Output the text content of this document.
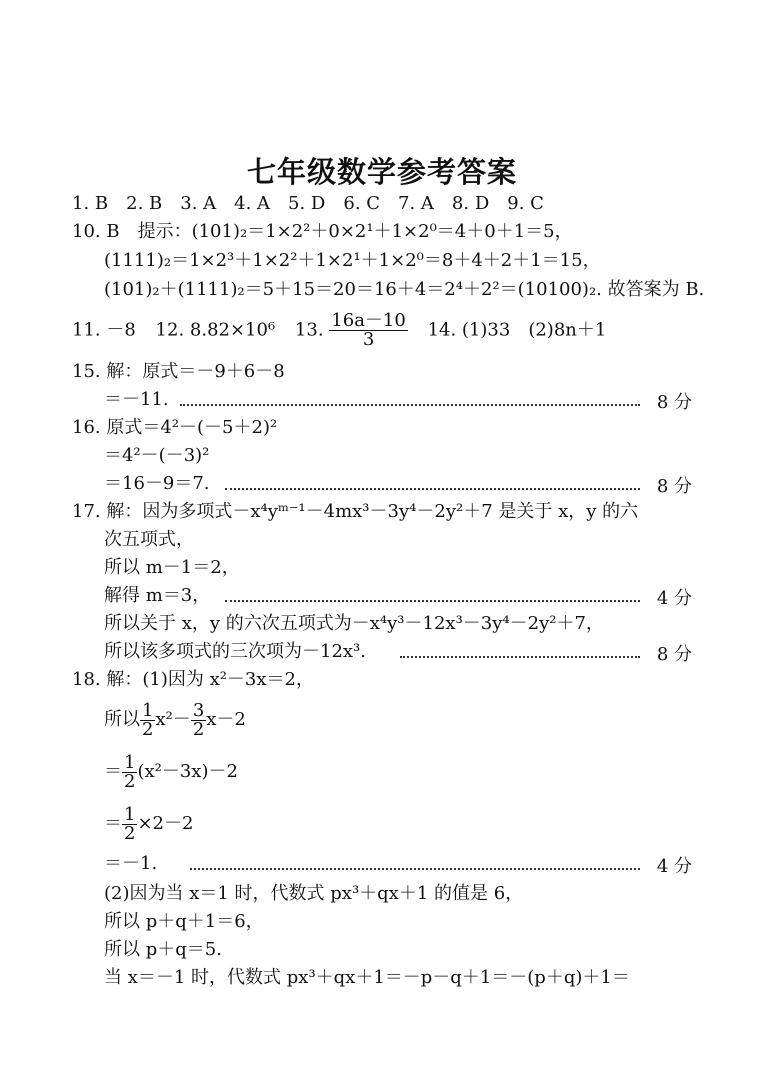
七年级数学参考答案
1. B　2. B　3. A　4. A　5. D　6. C　7. A　8. D　9. C
10. B　提示：(101)₂＝1×2²＋0×2¹＋1×2⁰＝4＋0＋1＝5，
(1111)₂＝1×2³＋1×2²＋1×2¹＋1×2⁰＝8＋4＋2＋1＝15，
(101)₂＋(1111)₂＝5＋15＝20＝16＋4＝2⁴＋2²＝(10100)₂. 故答案为 B.
11. －8 12. 8.82×10⁶ 13. $\frac{16a-10}{3} 14$. (1)33　(2)8n＋1
15. 解：原式＝－9＋6－8
＝－11.	8 分
16. 原式＝4²－(－5＋2)²
＝4²－(－3)²
＝16－9＝7.	8 分
17. 解：因为多项式－x⁴yᵐ⁻¹－4mx³－3y⁴－2y²＋7 是关于 x，y 的六
次五项式，
所以 m－1＝2，
解得 m＝3，	4 分
所以关于 x，y 的六次五项式为－x⁴y³－12x³－3y⁴－2y²＋7，
所以该多项式的三次项为－12x³.	8 分
18. 解：(1)因为 x²－3x＝2，
所以 $\frac{1}{2} x^2- \frac{3}{2} x-2$
＝ $\frac{1}{2} (x^2-3x)-2$
＝ $\frac{1}{2} \times 2-2$
＝－1.	4 分
(2)因为当 x＝1 时，代数式 px³＋qx＋1 的值是 6，
所以 p＋q＋1＝6，
所以 p＋q＝5.
当 x＝－1 时，代数式 px³＋qx＋1＝－p－q＋1＝－(p＋q)＋1＝
